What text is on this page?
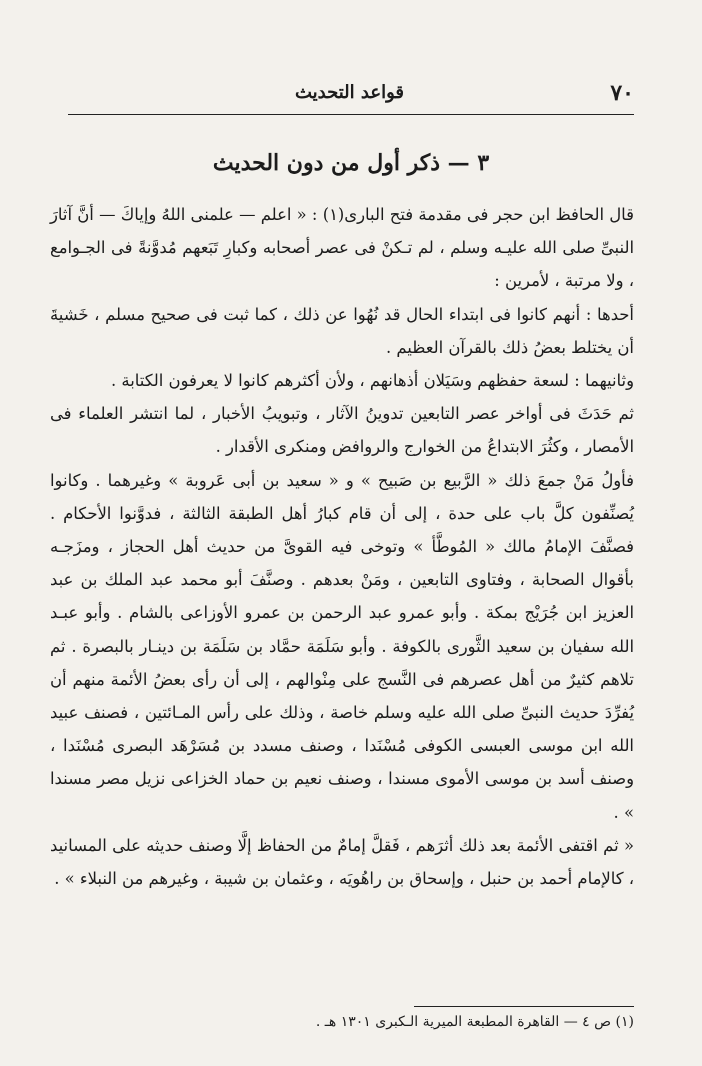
٧٠
قواعد التحديث
٣ — ذكر أول من دون الحديث

قال الحافظ ابن حجر فى مقدمة فتح البارى(١) : « اعلم — علمنى اللهُ وإياكَ — أنَّ آثارَ النبىِّ صلى الله عليـه وسلم ، لم تـكنْ فى عصر أصحابه وكبارِ تَبَعهم مُدوَّنةً فى الجـوامع ، ولا مرتبة ، لأمرين :

أحدها : أنهم كانوا فى ابتداء الحال قد نُهُوا عن ذلك ، كما ثبت فى صحيح مسلم ، خَشيةَ أن يختلط بعضُ ذلك بالقرآن العظيم .

وثانيهما : لسعة حفظهم وسَيَلان أذهانهم ، ولأن أكثرهم كانوا لا يعرفون الكتابة .

ثم حَدَثَ فى أواخر عصر التابعين تدوينُ الآثار ، وتبويبُ الأخبار ، لما انتشر العلماء فى الأمصار ، وكثُرَ الابتداعُ من الخوارج والروافض ومنكرى الأقدار .

فأولُ مَنْ جمعَ ذلك « الرَّبيع بن صَبيح » و « سعيد بن أبى عَروبة » وغيرهما . وكانوا يُصنِّفون كلَّ باب على حدة ، إلى أن قام كبارُ أهل الطبقة الثالثة ، فدوَّنوا الأحكام . فصنَّفَ الإمامُ مالك « المُوطَّأ » وتوخى فيه القوىَّ من حديث أهل الحجاز ، ومزَجـه بأقوال الصحابة ، وفتاوى التابعين ، ومَنْ بعدهم . وصنَّفَ أبو محمد عبد الملك بن عبد العزيز ابن جُرَيْج بمكة . وأبو عمرو عبد الرحمن بن عمرو الأوزاعى بالشام . وأبو عبـد الله سفيان بن سعيد الثَّورى بالكوفة . وأبو سَلَمَة حمَّاد بن سَلَمَة بن دينـار بالبصرة . ثم تلاهم كثيرٌ من أهل عصرهم فى النَّسج على مِنْوالهم ، إلى أن رأى بعضُ الأئمة منهم أن يُفرِّدَ حديث النبىِّ صلى الله عليه وسلم خاصة ، وذلك على رأس المـائتين ، فصنف عبيد الله ابن موسى العبسى الكوفى مُسْنَدا ، وصنف مسدد بن مُسَرْهَد البصرى مُسْنَدا ، وصنف أسد بن موسى الأموى مسندا ، وصنف نعيم بن حماد الخزاعى نزيل مصر مسندا » .

« ثم اقتفى الأئمة بعد ذلك أثرَهم ، فَقلَّ إمامٌ من الحفاظ إلَّا وصنف حديثه على المسانيد ، كالإمام أحمد بن حنبل ، وإسحاق بن راهُويَه ، وعثمان بن شيبة ، وغيرهم من النبلاء » .

(١) ص ٤ — القاهرة المطبعة الميرية الـكبرى ١٣٠١ هـ .
